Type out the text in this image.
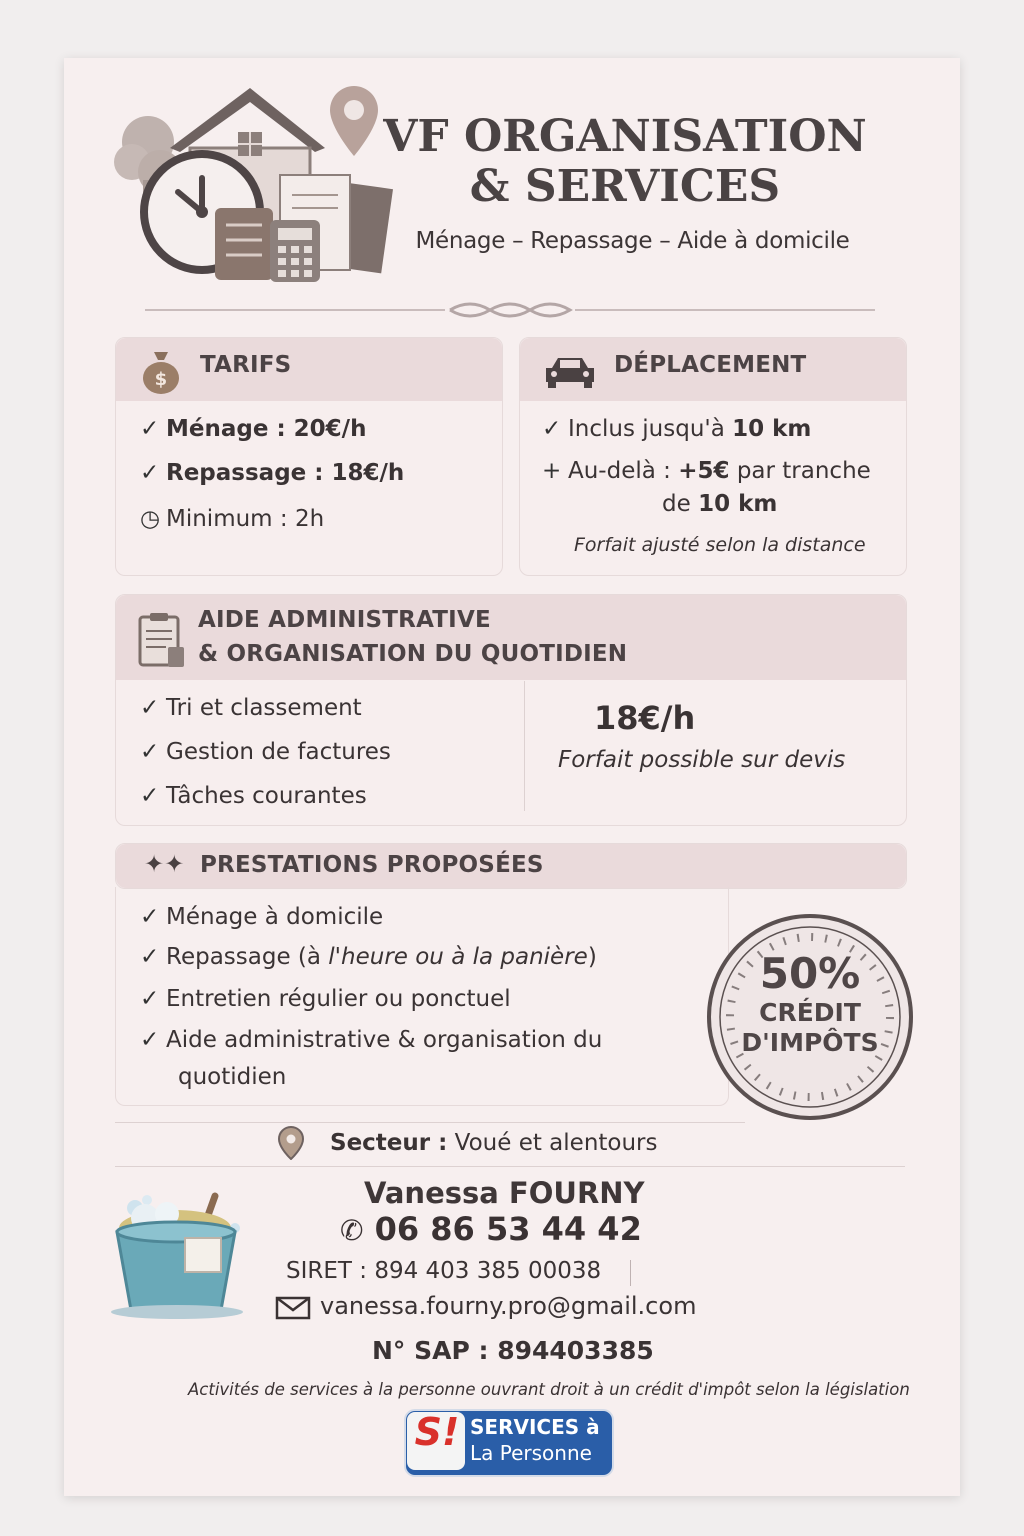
VF ORGANISATION
& SERVICES
Ménage – Repassage – Aide à domicile
$
TARIFS
✓ Ménage : 20€/h
✓ Repassage : 18€/h
◷ Minimum : 2h
DÉPLACEMENT
✓ Inclus jusqu'à 10 km
+ Au-delà : +5€ par tranche
de 10 km
Forfait ajusté selon la distance
AIDE ADMINISTRATIVE
& ORGANISATION DU QUOTIDIEN
✓ Tri et classement
✓ Gestion de factures
✓ Tâches courantes
18€/h
Forfait possible sur devis
✦✦ PRESTATIONS PROPOSÉES
✓ Ménage à domicile
✓ Repassage (à l'heure ou à la panière)
✓ Entretien régulier ou ponctuel
✓ Aide administrative & organisation du
quotidien
50%
CRÉDIT
D'IMPÔTS
Secteur : Voué et alentours
Vanessa FOURNY
✆ 06 86 53 44 42
SIRET : 894 403 385 00038
vanessa.fourny.pro@gmail.com
N° SAP : 894403385
Activités de services à la personne ouvrant droit à un crédit d'impôt selon la législation
S! SERVICES à
La Personne
